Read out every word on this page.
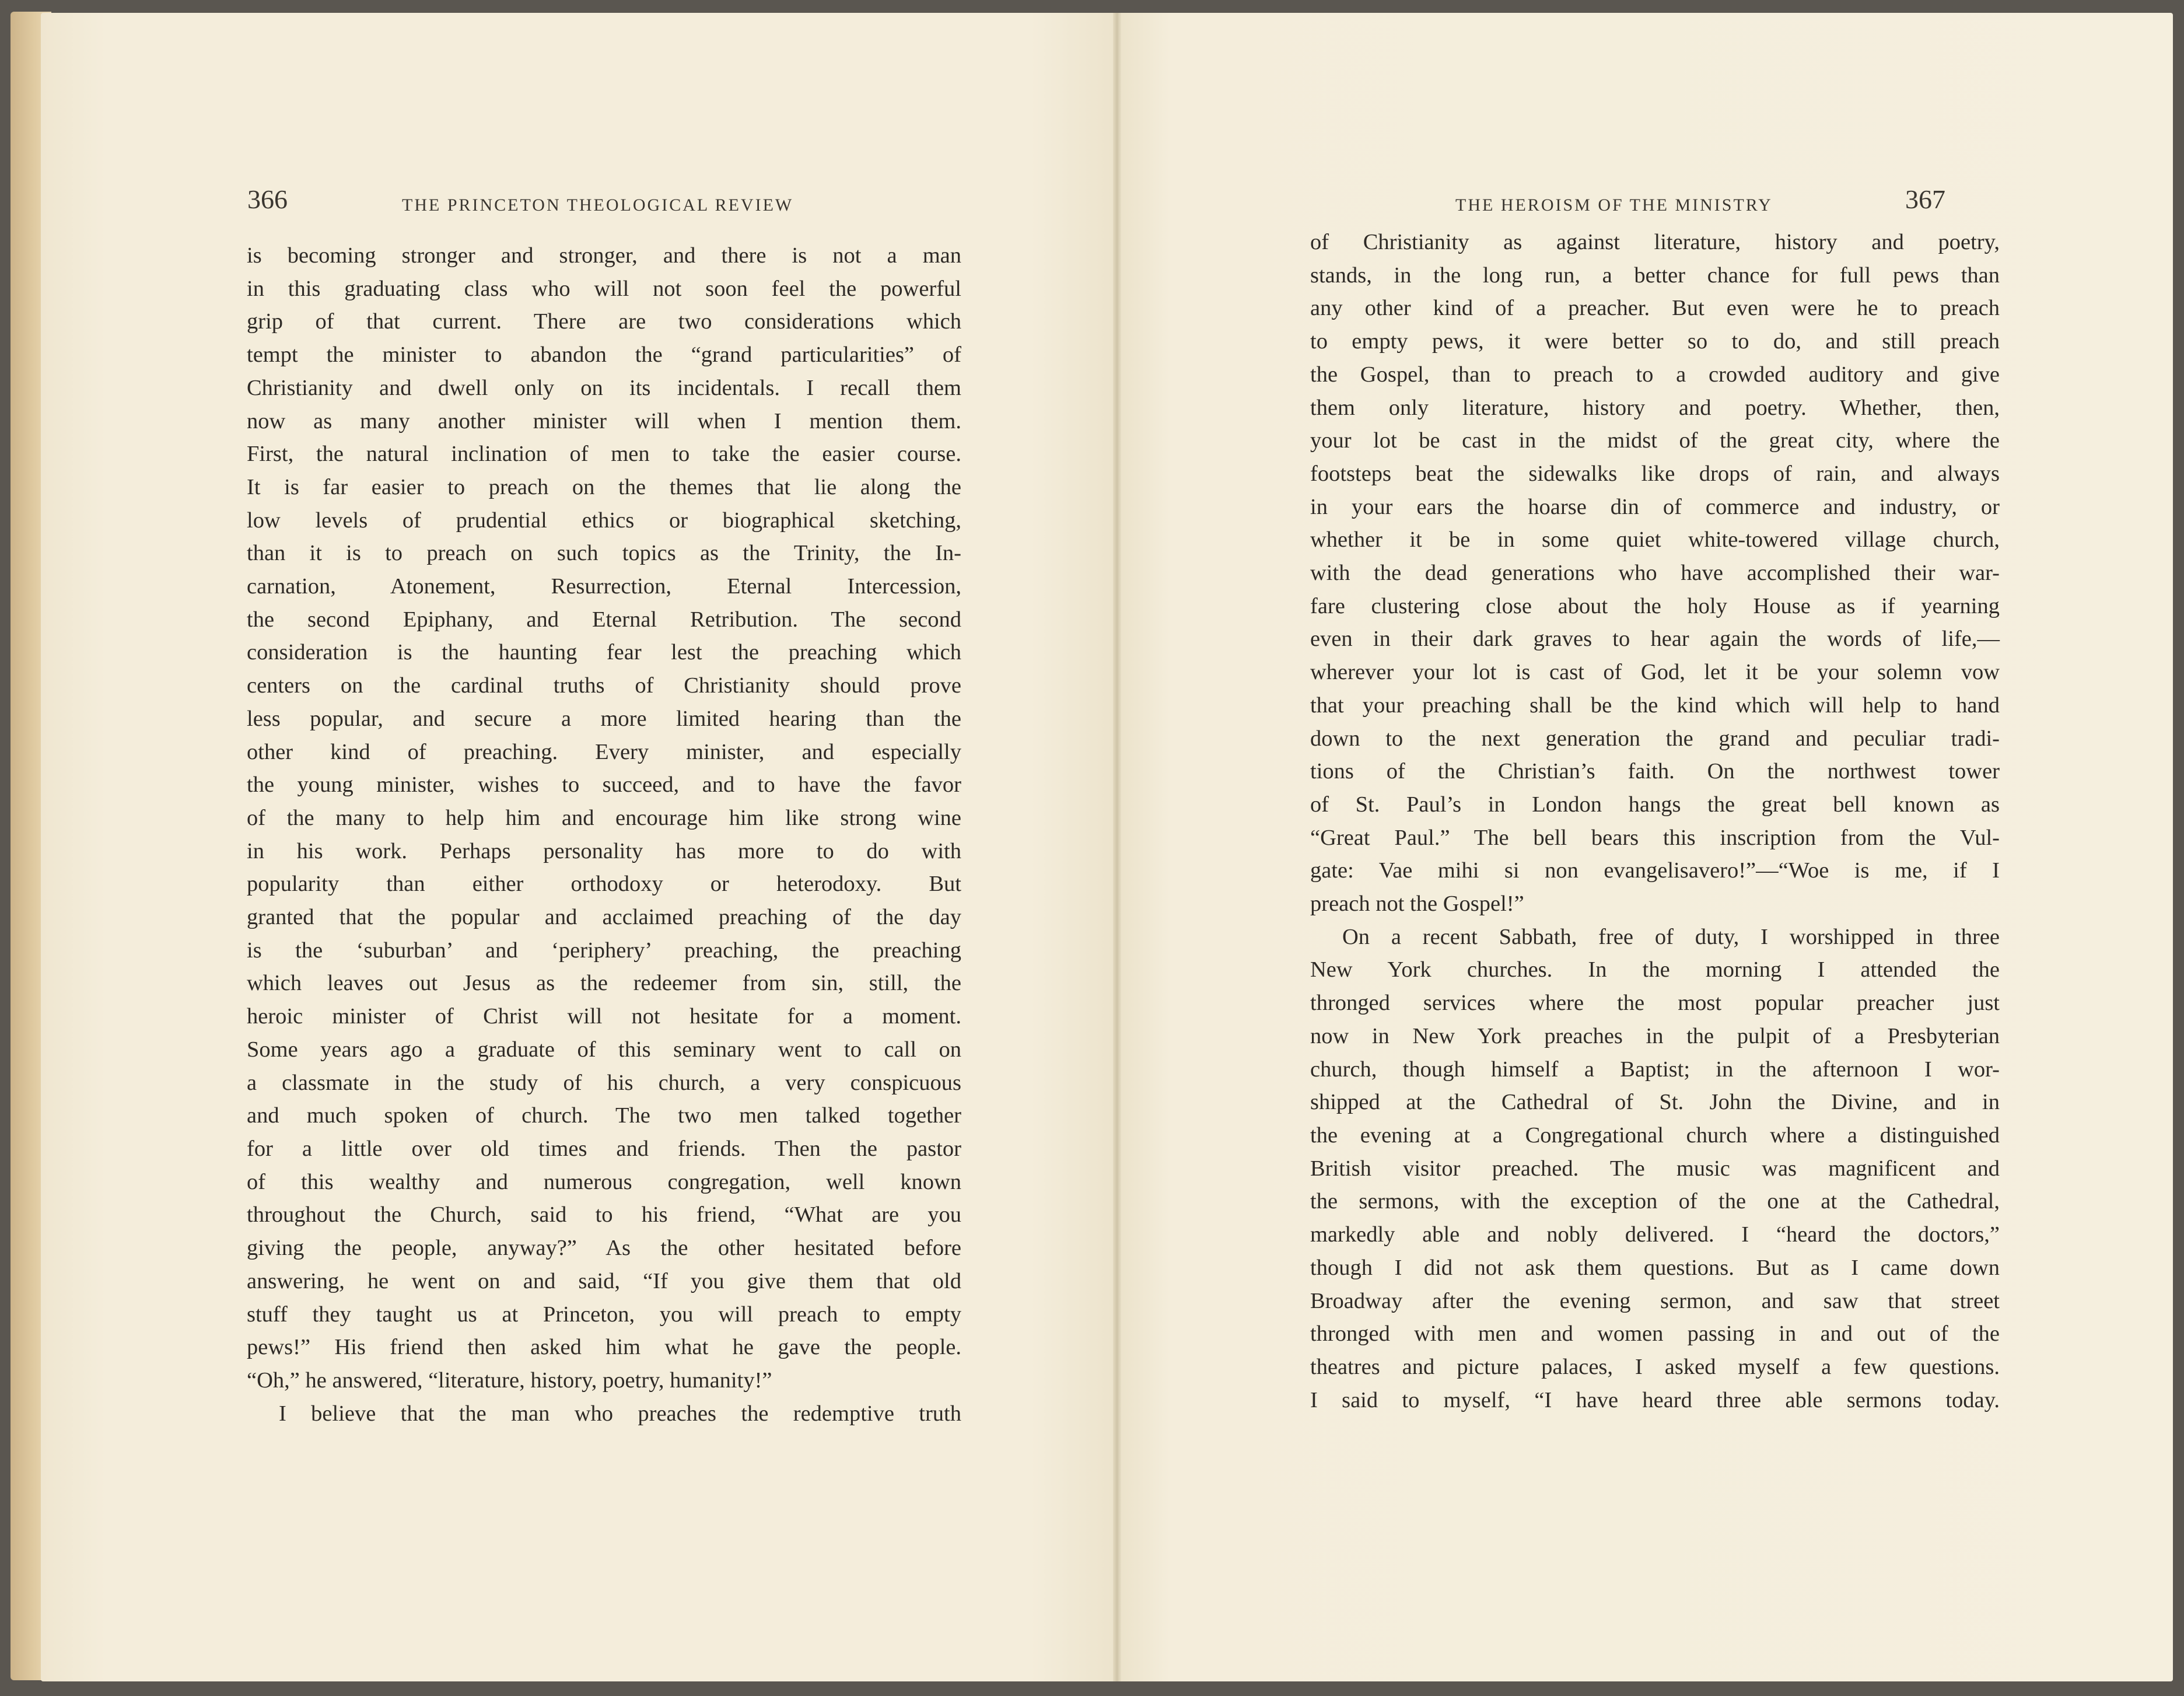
366	THE PRINCETON THEOLOGICAL REVIEW
is becoming stronger and stronger, and there is not a man
in this graduating class who will not soon feel the powerful
grip of that current. There are two considerations which
tempt the minister to abandon the “grand particularities” of
Christianity and dwell only on its incidentals. I recall them
now as many another minister will when I mention them.
First, the natural inclination of men to take the easier course.
It is far easier to preach on the themes that lie along the
low levels of prudential ethics or biographical sketching,
than it is to preach on such topics as the Trinity, the In-
carnation, Atonement, Resurrection, Eternal Intercession,
the second Epiphany, and Eternal Retribution. The second
consideration is the haunting fear lest the preaching which
centers on the cardinal truths of Christianity should prove
less popular, and secure a more limited hearing than the
other kind of preaching. Every minister, and especially
the young minister, wishes to succeed, and to have the favor
of the many to help him and encourage him like strong wine
in his work. Perhaps personality has more to do with
popularity than either orthodoxy or heterodoxy. But
granted that the popular and acclaimed preaching of the day
is the ‘suburban’ and ‘periphery’ preaching, the preaching
which leaves out Jesus as the redeemer from sin, still, the
heroic minister of Christ will not hesitate for a moment.
Some years ago a graduate of this seminary went to call on
a classmate in the study of his church, a very conspicuous
and much spoken of church. The two men talked together
for a little over old times and friends. Then the pastor
of this wealthy and numerous congregation, well known
throughout the Church, said to his friend, “What are you
giving the people, anyway?” As the other hesitated before
answering, he went on and said, “If you give them that old
stuff they taught us at Princeton, you will preach to empty
pews!” His friend then asked him what he gave the people.
“Oh,” he answered, “literature, history, poetry, humanity!”
I believe that the man who preaches the redemptive truth
THE HEROISM OF THE MINISTRY	367
of Christianity as against literature, history and poetry,
stands, in the long run, a better chance for full pews than
any other kind of a preacher. But even were he to preach
to empty pews, it were better so to do, and still preach
the Gospel, than to preach to a crowded auditory and give
them only literature, history and poetry. Whether, then,
your lot be cast in the midst of the great city, where the
footsteps beat the sidewalks like drops of rain, and always
in your ears the hoarse din of commerce and industry, or
whether it be in some quiet white-towered village church,
with the dead generations who have accomplished their war-
fare clustering close about the holy House as if yearning
even in their dark graves to hear again the words of life,—
wherever your lot is cast of God, let it be your solemn vow
that your preaching shall be the kind which will help to hand
down to the next generation the grand and peculiar tradi-
tions of the Christian’s faith. On the northwest tower
of St. Paul’s in London hangs the great bell known as
“Great Paul.” The bell bears this inscription from the Vul-
gate: Vae mihi si non evangelisavero!”—“Woe is me, if I
preach not the Gospel!”
On a recent Sabbath, free of duty, I worshipped in three
New York churches. In the morning I attended the
thronged services where the most popular preacher just
now in New York preaches in the pulpit of a Presbyterian
church, though himself a Baptist; in the afternoon I wor-
shipped at the Cathedral of St. John the Divine, and in
the evening at a Congregational church where a distinguished
British visitor preached. The music was magnificent and
the sermons, with the exception of the one at the Cathedral,
markedly able and nobly delivered. I “heard the doctors,”
though I did not ask them questions. But as I came down
Broadway after the evening sermon, and saw that street
thronged with men and women passing in and out of the
theatres and picture palaces, I asked myself a few questions.
I said to myself, “I have heard three able sermons today.
